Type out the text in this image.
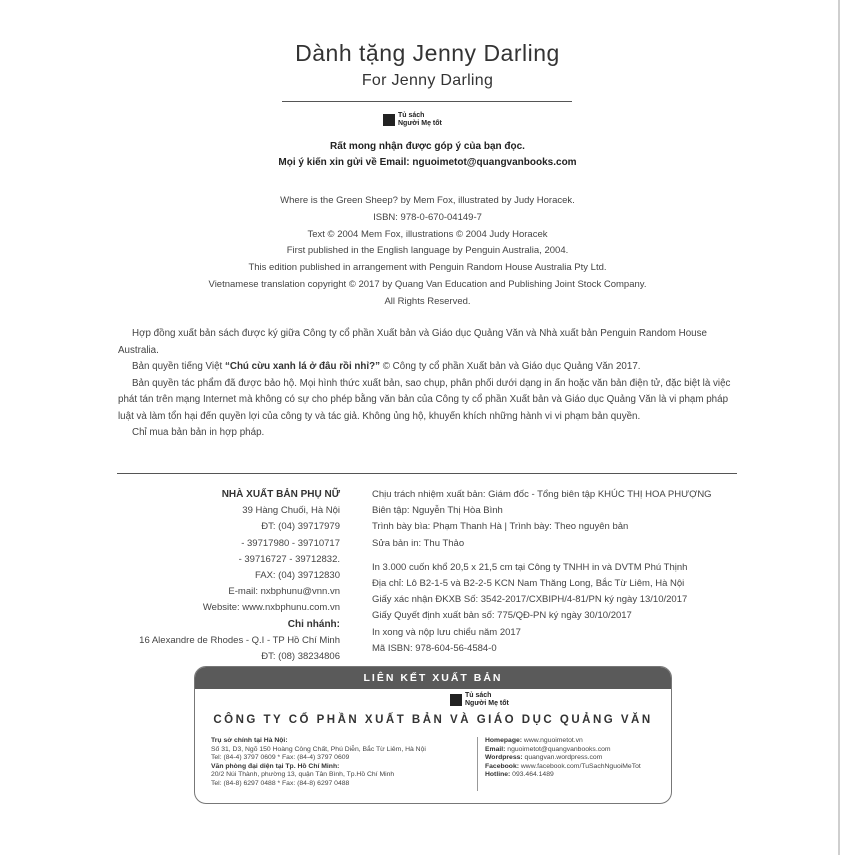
Dành tặng Jenny Darling
For Jenny Darling
Tủ sách
Người Mẹ tốt
Rất mong nhận được góp ý của bạn đọc.
Mọi ý kiến xin gửi về Email: nguoimetot@quangvanbooks.com
Where is the Green Sheep? by Mem Fox, illustrated by Judy Horacek.
ISBN: 978-0-670-04149-7
Text © 2004 Mem Fox, illustrations © 2004 Judy Horacek
First published in the English language by Penguin Australia, 2004.
This edition published in arrangement with Penguin Random House Australia Pty Ltd.
Vietnamese translation copyright © 2017 by Quang Van Education and Publishing Joint Stock Company.
All Rights Reserved.

Hợp đồng xuất bản sách được ký giữa Công ty cổ phần Xuất bản và Giáo dục Quảng Văn và Nhà xuất bản Penguin Random House Australia.

Bản quyền tiếng Việt “Chú cừu xanh lá ở đâu rồi nhỉ?” © Công ty cổ phần Xuất bản và Giáo dục Quảng Văn 2017.

Bản quyền tác phẩm đã được bảo hộ. Mọi hình thức xuất bản, sao chụp, phân phối dưới dạng in ấn hoặc văn bản điện tử, đặc biệt là việc phát tán trên mạng Internet mà không có sự cho phép bằng văn bản của Công ty cổ phần Xuất bản và Giáo dục Quảng Văn là vi phạm pháp luật và làm tổn hại đến quyền lợi của công ty và tác giả. Không ủng hộ, khuyến khích những hành vi vi phạm bản quyền.

Chỉ mua bản bản in hợp pháp.

NHÀ XUẤT BẢN PHỤ NỮ
39 Hàng Chuối, Hà Nội
ĐT: (04) 39717979
- 39717980 - 39710717
- 39716727 - 39712832.
FAX: (04) 39712830
E-mail: nxbphunu@vnn.vn
Website: www.nxbphunu.com.vn
Chi nhánh:
16 Alexandre de Rhodes - Q.I - TP Hồ Chí Minh
ĐT: (08) 38234806
Chịu trách nhiệm xuất bản: Giám đốc - Tổng biên tập KHÚC THỊ HOA PHƯỢNG
Biên tập: Nguyễn Thị Hòa Bình
Trình bày bìa: Phạm Thanh Hà | Trình bày: Theo nguyên bản
Sửa bản in: Thu Thảo
In 3.000 cuốn khổ 20,5 x 21,5 cm tại Công ty TNHH in và DVTM Phú Thịnh
Địa chỉ: Lô B2-1-5 và B2-2-5 KCN Nam Thăng Long, Bắc Từ Liêm, Hà Nội
Giấy xác nhận ĐKXB Số: 3542-2017/CXBIPH/4-81/PN ký ngày 13/10/2017
Giấy Quyết định xuất bản số: 775/QĐ-PN ký ngày 30/10/2017
In xong và nộp lưu chiểu năm 2017
Mã ISBN: 978-604-56-4584-0
LIÊN KẾT XUẤT BẢN
Tủ sách
Người Mẹ tốt
CÔNG TY CỔ PHẦN XUẤT BẢN VÀ GIÁO DỤC QUẢNG VĂN
Trụ sở chính tại Hà Nội:
Số 31, D3, Ngõ 150 Hoàng Công Chất, Phú Diễn, Bắc Từ Liêm, Hà Nội
Tel: (84-4) 3797 0609 * Fax: (84-4) 3797 0609
Văn phòng đại diện tại Tp. Hồ Chí Minh:
20/2 Núi Thành, phường 13, quận Tân Bình, Tp.Hồ Chí Minh
Tel: (84-8) 6297 0488 * Fax: (84-8) 6297 0488
Homepage: www.nguoimetot.vn
Email: nguoimetot@quangvanbooks.com
Wordpress: quangvan.wordpress.com
Facebook: www.facebook.com/TuSachNguoiMeTot
Hotline: 093.464.1489
